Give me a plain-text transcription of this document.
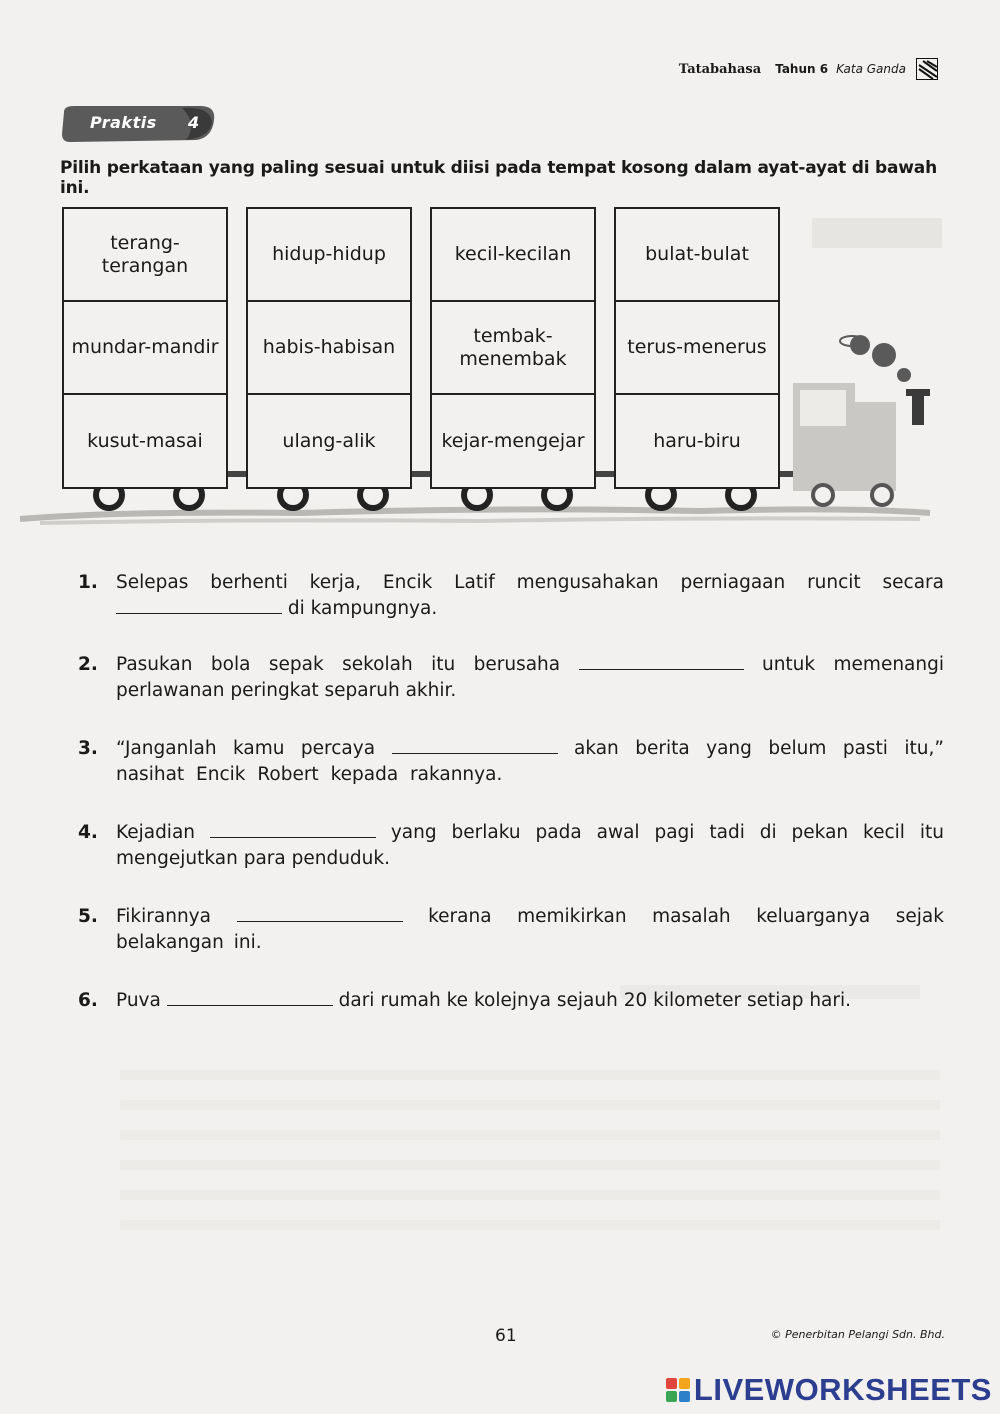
Tatabahasa Tahun 6 Kata Ganda
Praktis 4
Pilih perkataan yang paling sesuai untuk diisi pada tempat kosong dalam ayat-ayat di bawah ini.
terang-terangan
mundar-mandir
kusut-masai
hidup-hidup
habis-habisan
ulang-alik
kecil-kecilan
tembak-menembak
kejar-mengejar
bulat-bulat
terus-menerus
haru-biru
1. Selepas berhenti kerja, Encik Latif mengusahakan perniagaan runcit secara  di kampungnya.
2. Pasukan bola sepak sekolah itu berusaha	untuk memenangi perlawanan peringkat separuh akhir.
3. “Janganlah kamu percaya	akan berita yang belum pasti itu,” nasihat Encik Robert kepada rakannya.
4. Kejadian	yang berlaku pada awal pagi tadi di pekan kecil itu mengejutkan para penduduk.
5. Fikirannya	kerana memikirkan masalah keluarganya sejak belakangan ini.
6. Puva	dari rumah ke kolejnya sejauh 20 kilometer setiap hari.
61	© Penerbitan Pelangi Sdn. Bhd.
LIVEWORKSHEETS
